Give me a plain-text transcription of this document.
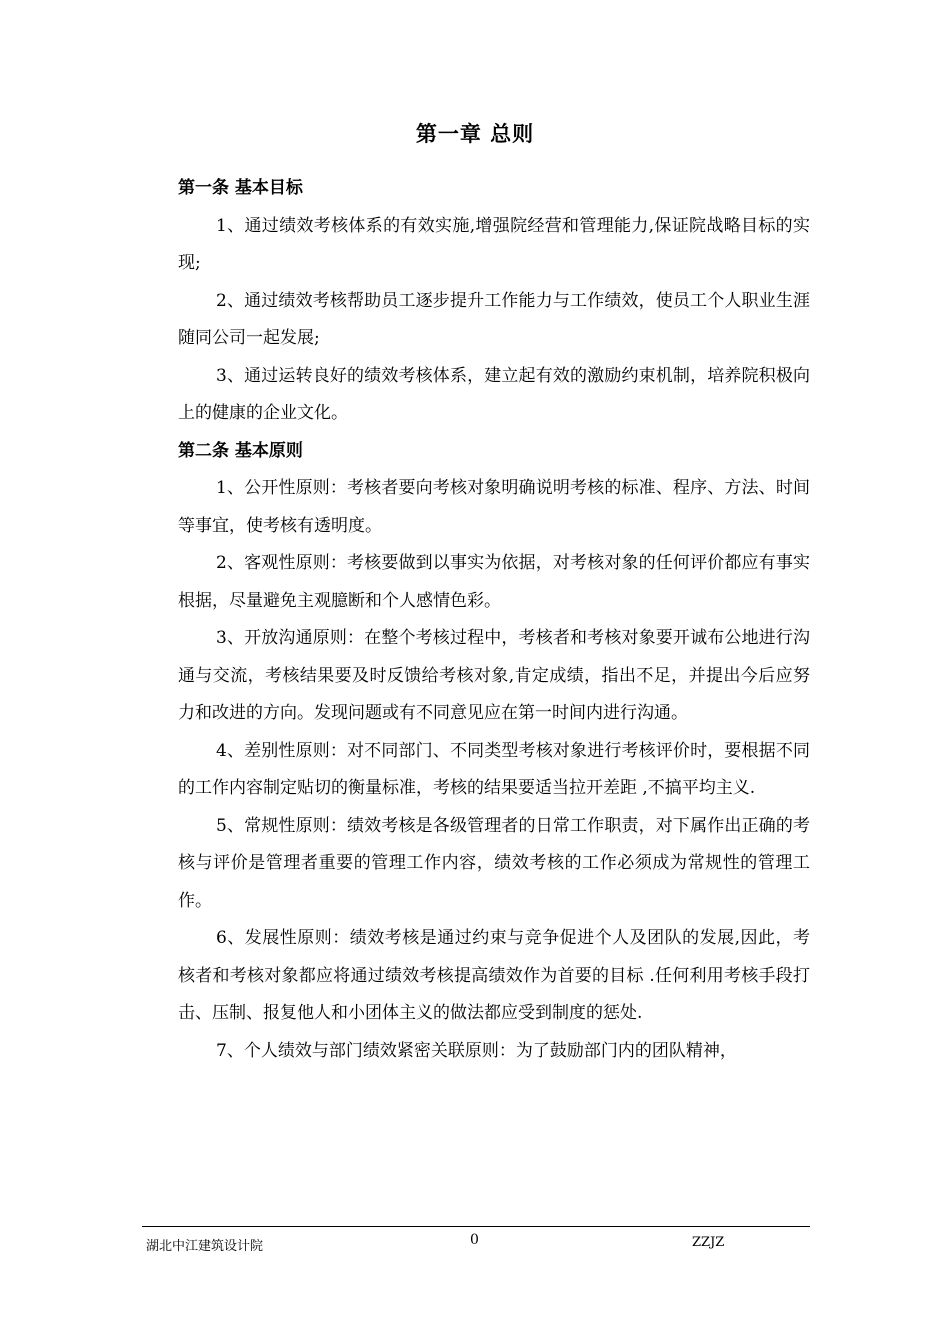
第一章 总则

第一条 基本目标

1、通过绩效考核体系的有效实施,增强院经营和管理能力,保证院战略目标的实现;

2、通过绩效考核帮助员工逐步提升工作能力与工作绩效，使员工个人职业生涯随同公司一起发展;

3、通过运转良好的绩效考核体系，建立起有效的激励约束机制，培养院积极向上的健康的企业文化。

第二条 基本原则

1、公开性原则：考核者要向考核对象明确说明考核的标准、程序、方法、时间等事宜，使考核有透明度。

2、客观性原则：考核要做到以事实为依据，对考核对象的任何评价都应有事实根据，尽量避免主观臆断和个人感情色彩。

3、开放沟通原则：在整个考核过程中，考核者和考核对象要开诚布公地进行沟通与交流，考核结果要及时反馈给考核对象,肯定成绩，指出不足，并提出今后应努力和改进的方向。发现问题或有不同意见应在第一时间内进行沟通。

4、差别性原则：对不同部门、不同类型考核对象进行考核评价时，要根据不同的工作内容制定贴切的衡量标准，考核的结果要适当拉开差距 ,不搞平均主义.

5、常规性原则：绩效考核是各级管理者的日常工作职责，对下属作出正确的考核与评价是管理者重要的管理工作内容，绩效考核的工作必须成为常规性的管理工作。

6、发展性原则：绩效考核是通过约束与竞争促进个人及团队的发展,因此，考核者和考核对象都应将通过绩效考核提高绩效作为首要的目标 .任何利用考核手段打击、压制、报复他人和小团体主义的做法都应受到制度的惩处.

7、个人绩效与部门绩效紧密关联原则：为了鼓励部门内的团队精神，

湖北中江建筑设计院	0	ZZJZ
